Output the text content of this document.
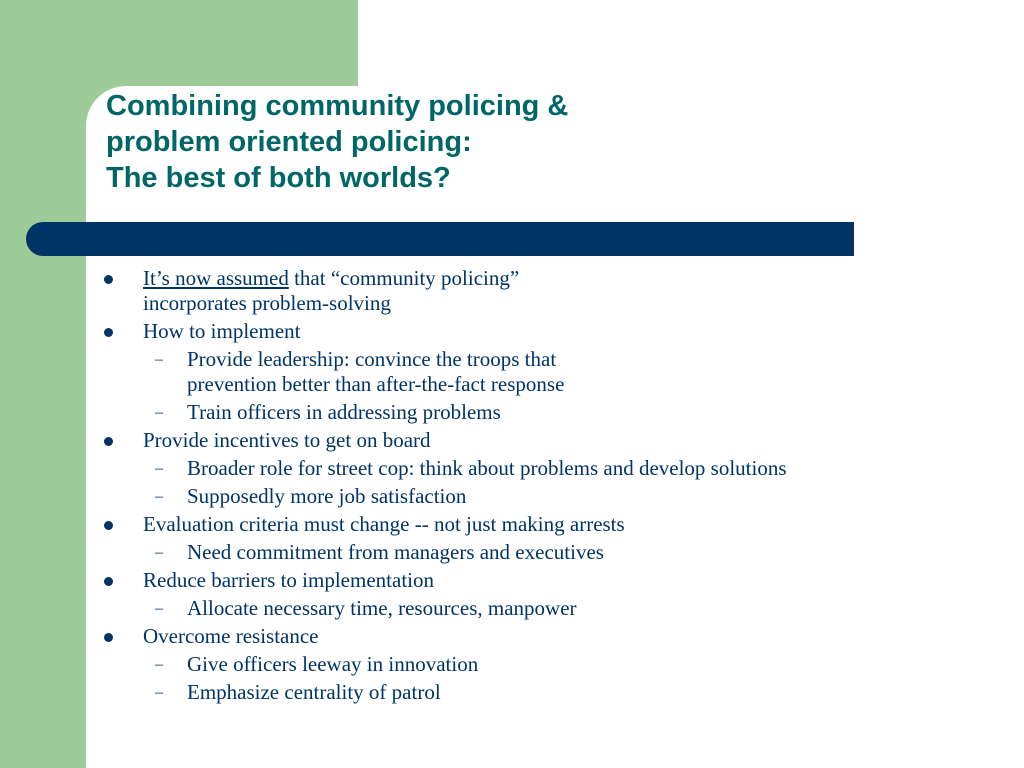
Combining community policing &
problem oriented policing:
The best of both worlds?
It’s now assumed that “community policing”
incorporates problem-solving
How to implement
– Provide leadership: convince the troops that
prevention better than after-the-fact response
– Train officers in addressing problems
Provide incentives to get on board
– Broader role for street cop: think about problems and develop solutions
– Supposedly more job satisfaction
Evaluation criteria must change -- not just making arrests
– Need commitment from managers and executives
Reduce barriers to implementation
– Allocate necessary time, resources, manpower
Overcome resistance
– Give officers leeway in innovation
– Emphasize centrality of patrol
